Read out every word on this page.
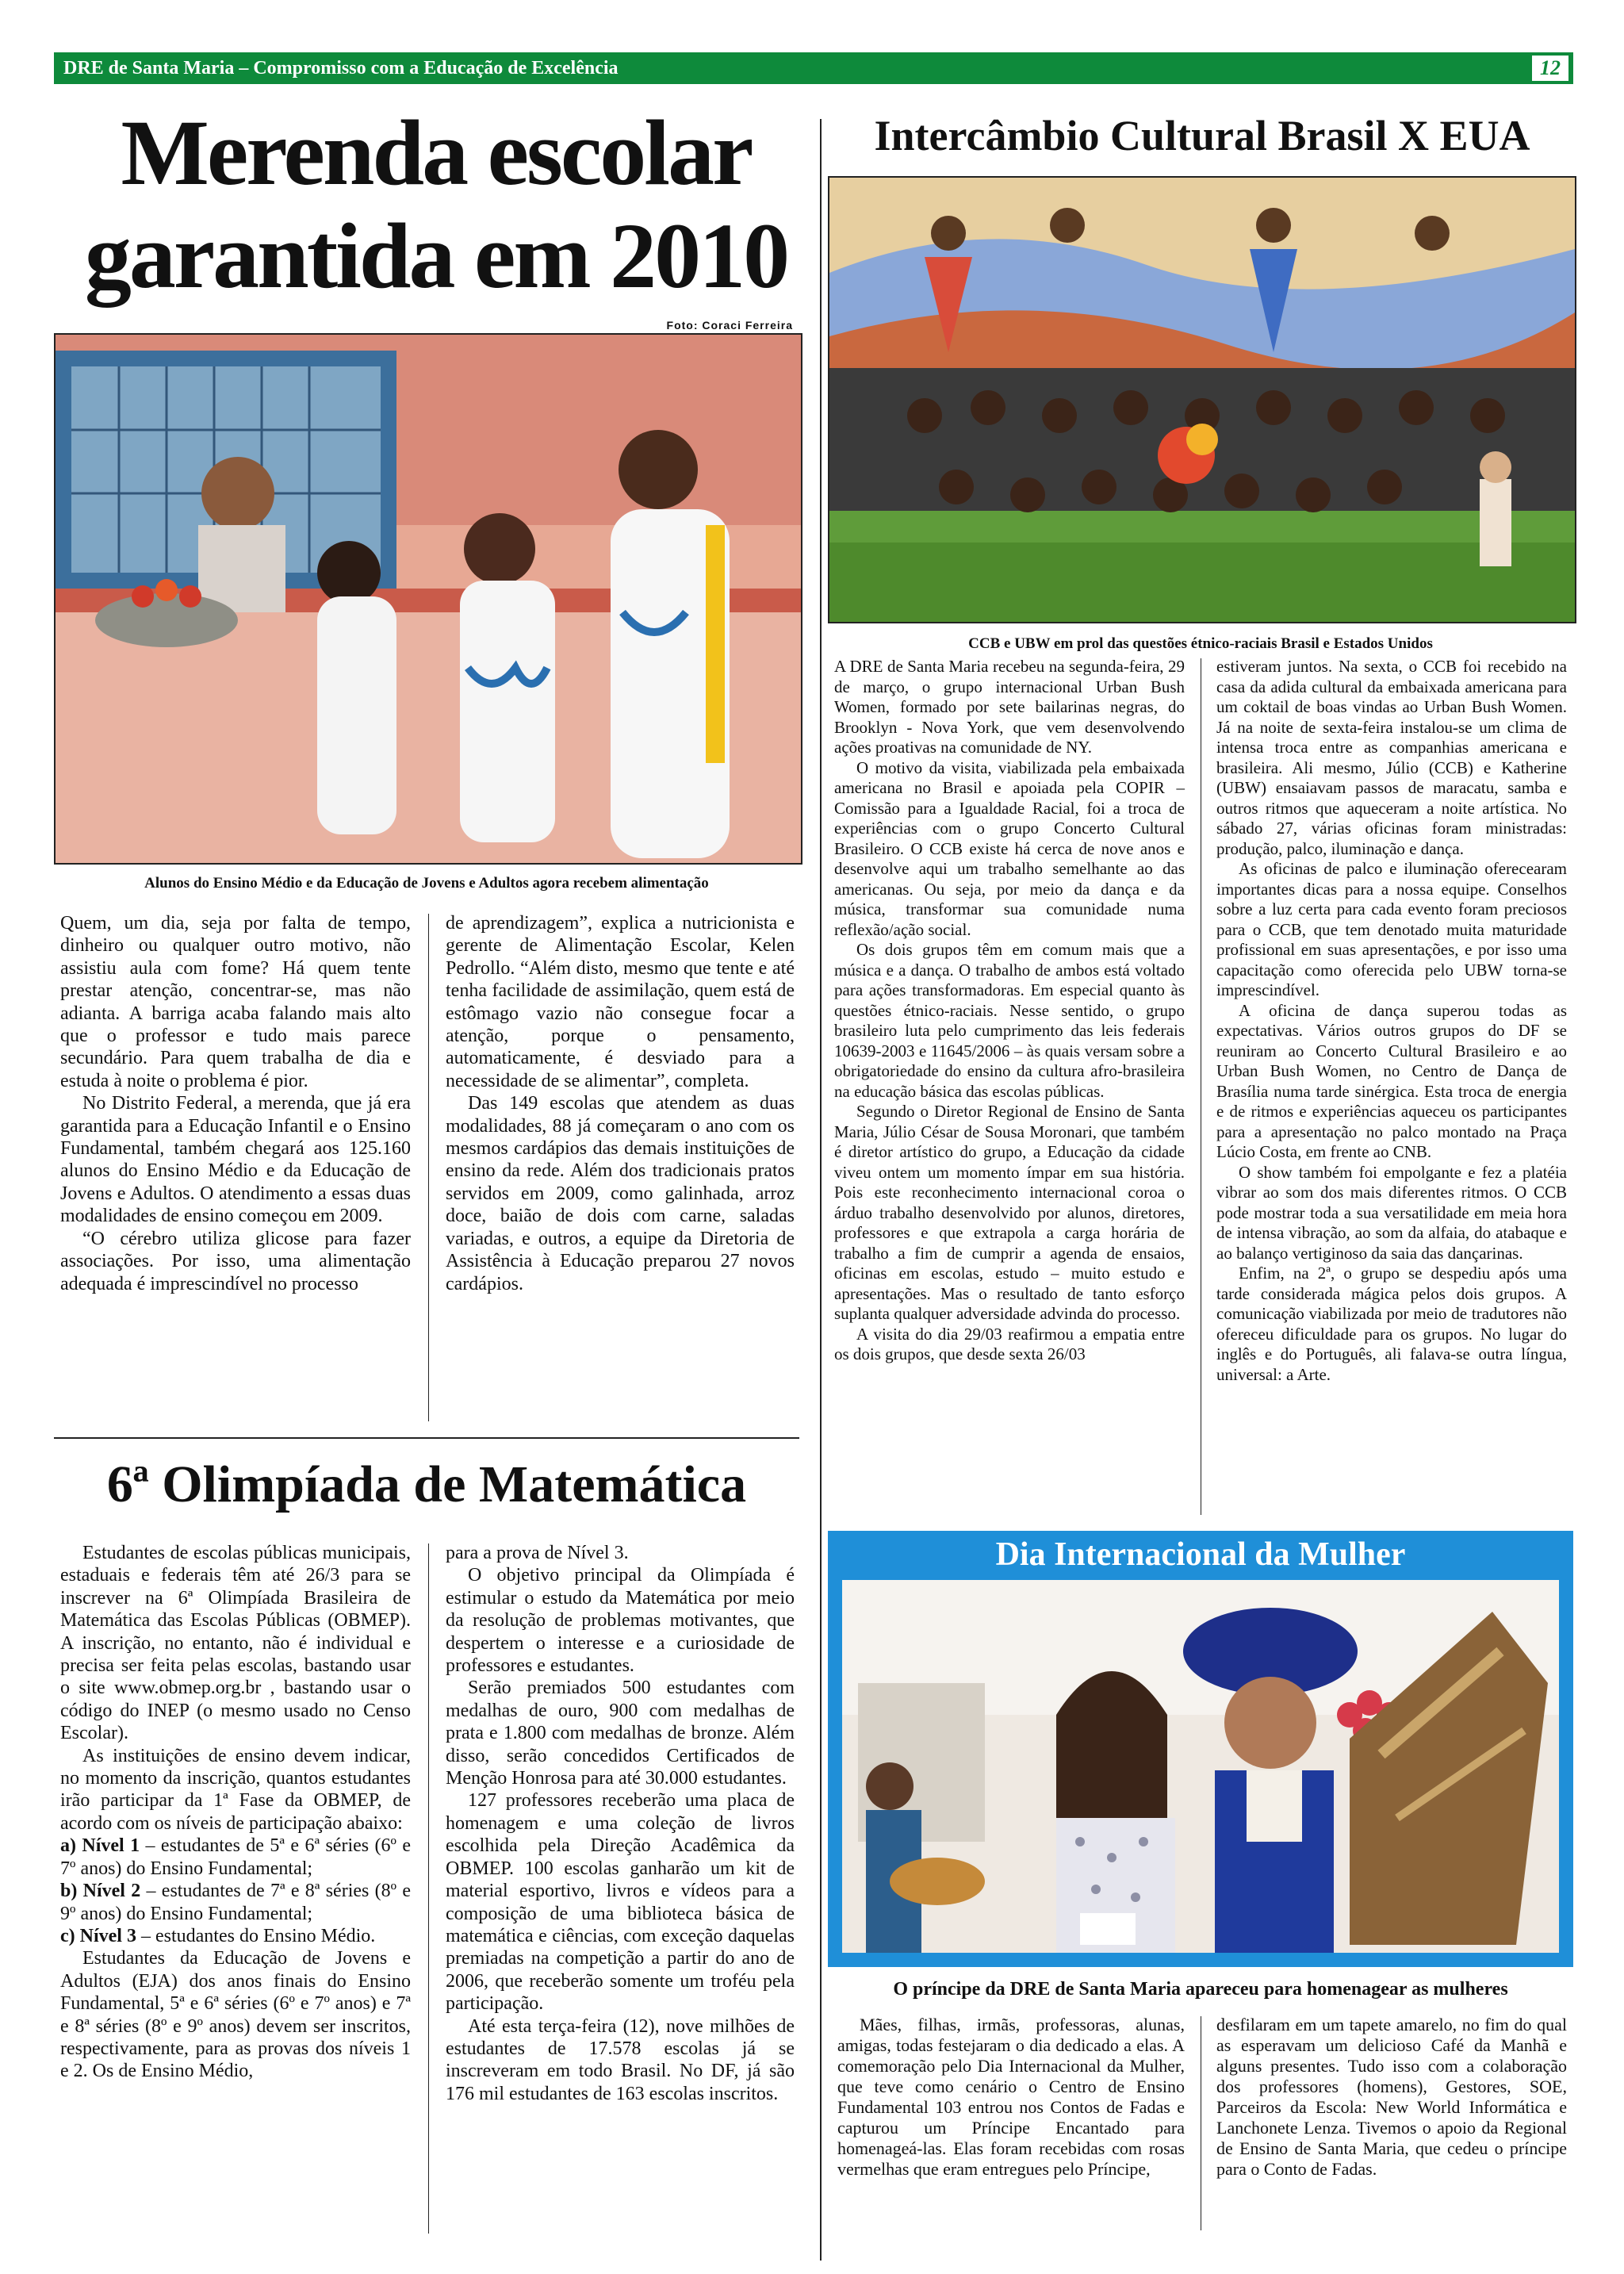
DRE de Santa Maria – Compromisso com a Educação de Excelência	12
Merenda escolar
garantida em 2010
Foto: Coraci Ferreira
Alunos do Ensino Médio e da Educação de Jovens e Adultos agora recebem alimentação

Quem, um dia, seja por falta de tempo, dinheiro ou qualquer outro motivo, não assistiu aula com fome? Há quem tente prestar atenção, concentrar-se, mas não adianta. A barriga acaba falando mais alto que o professor e tudo mais parece secundário. Para quem trabalha de dia e estuda à noite o problema é pior.

No Distrito Federal, a merenda, que já era garantida para a Educação Infantil e o Ensino Fundamental, também chegará aos 125.160 alunos do Ensino Médio e da Educação de Jovens e Adultos. O atendimento a essas duas modalidades de ensino começou em 2009.

“O cérebro utiliza glicose para fazer associações. Por isso, uma alimentação adequada é imprescindível no processo

de aprendizagem”, explica a nutricionista e gerente de Alimentação Escolar, Kelen Pedrollo. “Além disto, mesmo que tente e até tenha facilidade de assimilação, quem está de estômago vazio não consegue focar a atenção, porque o pensamento, automaticamente, é desviado para a necessidade de se alimentar”, completa.

Das 149 escolas que atendem as duas modalidades, 88 já começaram o ano com os mesmos cardápios das demais instituições de ensino da rede. Além dos tradicionais pratos servidos em 2009, como galinhada, arroz doce, baião de dois com carne, saladas variadas, e outros, a equipe da Diretoria de Assistência à Educação preparou 27 novos cardápios.

6ª Olimpíada de Matemática

Estudantes de escolas públicas municipais, estaduais e federais têm até 26/3 para se inscrever na 6ª Olimpíada Brasileira de Matemática das Escolas Públicas (OBMEP). A inscrição, no entanto, não é individual e precisa ser feita pelas escolas, bastando usar o site www.obmep.org.br , bastando usar o código do INEP (o mesmo usado no Censo Escolar).

As instituições de ensino devem indicar, no momento da inscrição, quantos estudantes irão participar da 1ª Fase da OBMEP, de acordo com os níveis de participação abaixo:

a) Nível 1 – estudantes de 5ª e 6ª séries (6º e 7º anos) do Ensino Fundamental;

b) Nível 2 – estudantes de 7ª e 8ª séries (8º e 9º anos) do Ensino Fundamental;

c) Nível 3 – estudantes do Ensino Médio.

Estudantes da Educação de Jovens e Adultos (EJA) dos anos finais do Ensino Fundamental, 5ª e 6ª séries (6º e 7º anos) e 7ª e 8ª séries (8º e 9º anos) devem ser inscritos, respectivamente, para as provas dos níveis 1 e 2. Os de Ensino Médio,

para a prova de Nível 3.

O objetivo principal da Olimpíada é estimular o estudo da Matemática por meio da resolução de problemas motivantes, que despertem o interesse e a curiosidade de professores e estudantes.

Serão premiados 500 estudantes com medalhas de ouro, 900 com medalhas de prata e 1.800 com medalhas de bronze. Além disso, serão concedidos Certificados de Menção Honrosa para até 30.000 estudantes.

127 professores receberão uma placa de homenagem e uma coleção de livros escolhida pela Direção Acadêmica da OBMEP. 100 escolas ganharão um kit de material esportivo, livros e vídeos para a composição de uma biblioteca básica de matemática e ciências, com exceção daquelas premiadas na competição a partir do ano de 2006, que receberão somente um troféu pela participação.

Até esta terça-feira (12), nove milhões de estudantes de 17.578 escolas já se inscreveram em todo Brasil. No DF, já são 176 mil estudantes de 163 escolas inscritos.

Intercâmbio Cultural Brasil X EUA
CCB e UBW em prol das questões étnico-raciais Brasil e Estados Unidos

A DRE de Santa Maria recebeu na segunda-feira, 29 de março, o grupo internacional Urban Bush Women, formado por sete bailarinas negras, do Brooklyn - Nova York, que vem desenvolvendo ações proativas na comunidade de NY.

O motivo da visita, viabilizada pela embaixada americana no Brasil e apoiada pela COPIR – Comissão para a Igualdade Racial, foi a troca de experiências com o grupo Concerto Cultural Brasileiro. O CCB existe há cerca de nove anos e desenvolve aqui um trabalho semelhante ao das americanas. Ou seja, por meio da dança e da música, transformar sua comunidade numa reflexão/ação social.

Os dois grupos têm em comum mais que a música e a dança. O trabalho de ambos está voltado para ações transformadoras. Em especial quanto às questões étnico-raciais. Nesse sentido, o grupo brasileiro luta pelo cumprimento das leis federais 10639-2003 e 11645/2006 – às quais versam sobre a obrigatoriedade do ensino da cultura afro-brasileira na educação básica das escolas públicas.

Segundo o Diretor Regional de Ensino de Santa Maria, Júlio César de Sousa Moronari, que também é diretor artístico do grupo, a Educação da cidade viveu ontem um momento ímpar em sua história. Pois este reconhecimento internacional coroa o árduo trabalho desenvolvido por alunos, diretores, professores e que extrapola a carga horária de trabalho a fim de cumprir a agenda de ensaios, oficinas em escolas, estudo – muito estudo e apresentações. Mas o resultado de tanto esforço suplanta qualquer adversidade advinda do processo.

A visita do dia 29/03 reafirmou a empatia entre os dois grupos, que desde sexta 26/03

estiveram juntos. Na sexta, o CCB foi recebido na casa da adida cultural da embaixada americana para um coktail de boas vindas ao Urban Bush Women. Já na noite de sexta-feira instalou-se um clima de intensa troca entre as companhias americana e brasileira. Ali mesmo, Júlio (CCB) e Katherine (UBW) ensaiavam passos de maracatu, samba e outros ritmos que aqueceram a noite artística. No sábado 27, várias oficinas foram ministradas: produção, palco, iluminação e dança.

As oficinas de palco e iluminação oferecearam importantes dicas para a nossa equipe. Conselhos sobre a luz certa para cada evento foram preciosos para o CCB, que tem denotado muita maturidade profissional em suas apresentações, e por isso uma capacitação como oferecida pelo UBW torna-se imprescindível.

A oficina de dança superou todas as expectativas. Vários outros grupos do DF se reuniram ao Concerto Cultural Brasileiro e ao Urban Bush Women, no Centro de Dança de Brasília numa tarde sinérgica. Esta troca de energia e de ritmos e experiências aqueceu os participantes para a apresentação no palco montado na Praça Lúcio Costa, em frente ao CNB.

O show também foi empolgante e fez a platéia vibrar ao som dos mais diferentes ritmos. O CCB pode mostrar toda a sua versatilidade em meia hora de intensa vibração, ao som da alfaia, do atabaque e ao balanço vertiginoso da saia das dançarinas.

Enfim, na 2ª, o grupo se despediu após uma tarde considerada mágica pelos dois grupos. A comunicação viabilizada por meio de tradutores não ofereceu dificuldade para os grupos. No lugar do inglês e do Português, ali falava-se outra língua, universal: a Arte.

Dia Internacional da Mulher
O príncipe da DRE de Santa Maria apareceu para homenagear as mulheres

Mães, filhas, irmãs, professoras, alunas, amigas, todas festejaram o dia dedicado a elas. A comemoração pelo Dia Internacional da Mulher, que teve como cenário o Centro de Ensino Fundamental 103 entrou nos Contos de Fadas e capturou um Príncipe Encantado para homenageá-las. Elas foram recebidas com rosas vermelhas que eram entregues pelo Príncipe,

desfilaram em um tapete amarelo, no fim do qual as esperavam um delicioso Café da Manhã e alguns presentes. Tudo isso com a colaboração dos professores (homens), Gestores, SOE, Parceiros da Escola: New World Informática e Lanchonete Lenza. Tivemos o apoio da Regional de Ensino de Santa Maria, que cedeu o príncipe para o Conto de Fadas.
